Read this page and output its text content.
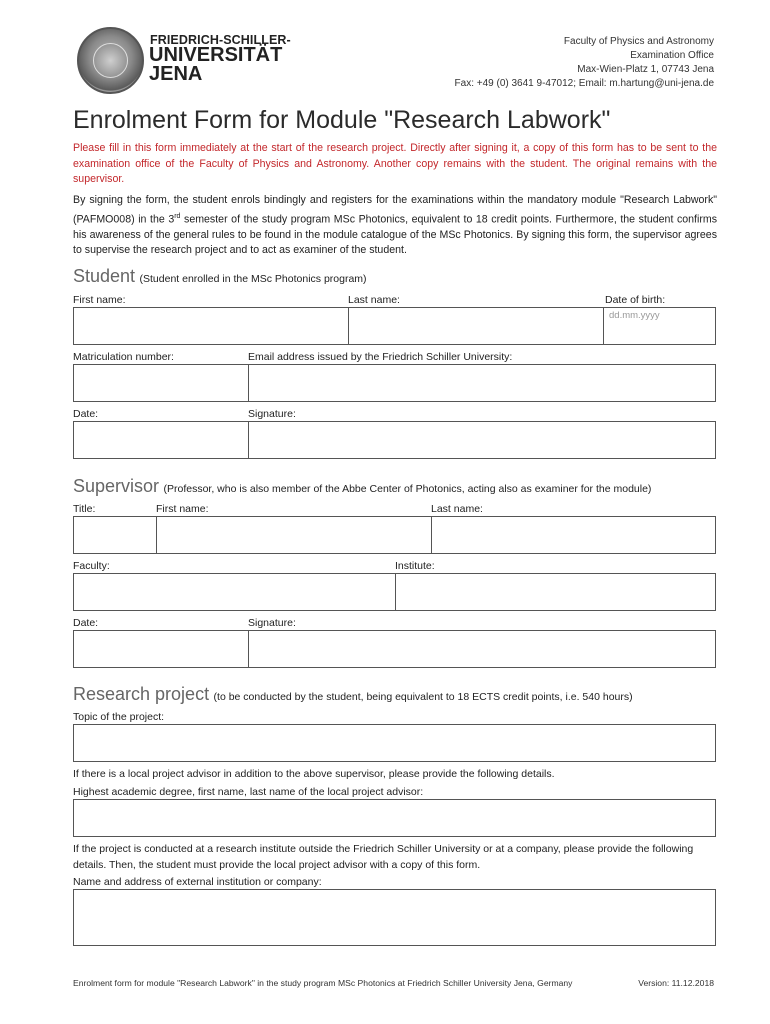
FRIEDRICH-SCHILLER-
UNIVERSITÄT
JENA
Faculty of Physics and Astronomy
Examination Office
Max-Wien-Platz 1, 07743 Jena
Fax: +49 (0) 3641 9-47012; Email: m.hartung@uni-jena.de
Enrolment Form for Module "Research Labwork"
Please fill in this form immediately at the start of the research project. Directly after signing it, a copy of this form has to be sent to the examination office of the Faculty of Physics and Astronomy. Another copy remains with the student. The original remains with the supervisor.
By signing the form, the student enrols bindingly and registers for the examinations within the mandatory module "Research Labwork" (PAFMO008) in the 3rd semester of the study program MSc Photonics, equivalent to 18 credit points. Furthermore, the student confirms his awareness of the general rules to be found in the module catalogue of the MSc Photonics. By signing this form, the supervisor agrees to supervise the research project and to act as examiner of the student.
Student (Student enrolled in the MSc Photonics program)
First name:	Last name:	Date of birth:
dd.mm.yyyy
Matriculation number:	Email address issued by the Friedrich Schiller University:
Date:	Signature:
Supervisor (Professor, who is also member of the Abbe Center of Photonics, acting also as examiner for the module)
Title:	First name:	Last name:
Faculty:	Institute:
Date:	Signature:
Research project (to be conducted by the student, being equivalent to 18 ECTS credit points, i.e. 540 hours)
Topic of the project:
If there is a local project advisor in addition to the above supervisor, please provide the following details.
Highest academic degree, first name, last name of the local project advisor:
If the project is conducted at a research institute outside the Friedrich Schiller University or at a company, please provide the following details. Then, the student must provide the local project advisor with a copy of this form.
Name and address of external institution or company:
Enrolment form for module "Research Labwork" in the study program MSc Photonics at Friedrich Schiller University Jena, Germany	Version: 11.12.2018
